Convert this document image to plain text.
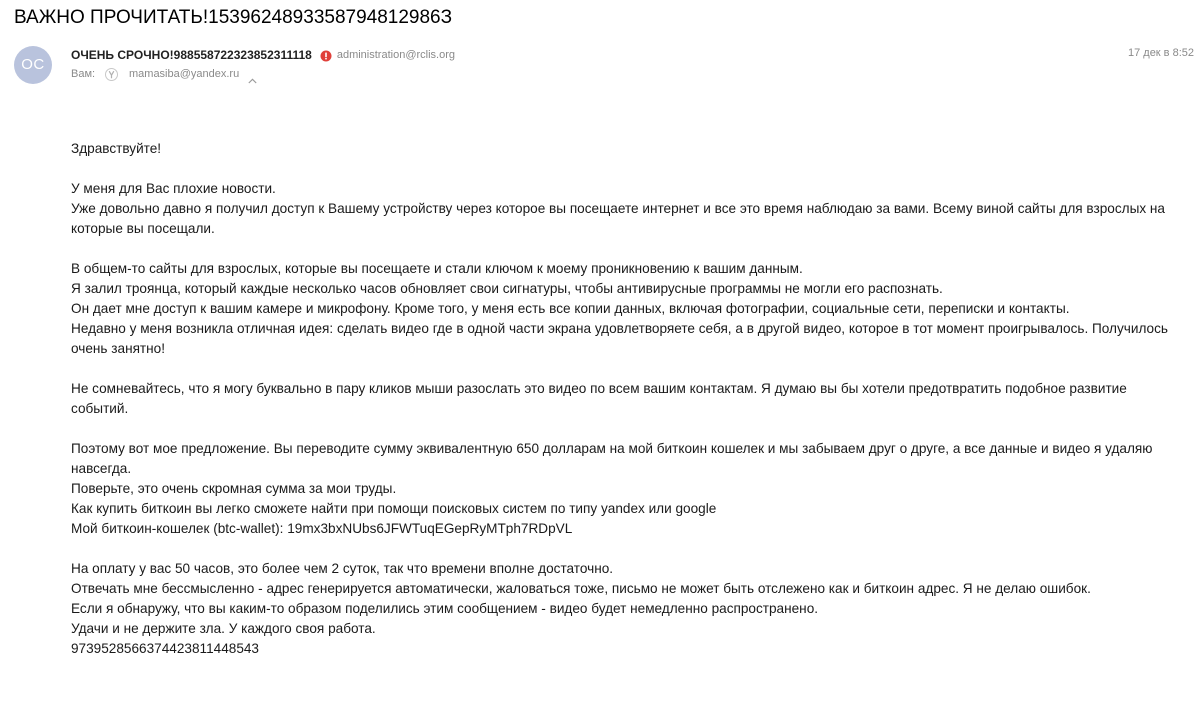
ВАЖНО ПРОЧИТАТЬ!1539624893358794812986З
OC
ОЧЕНЬ СРОЧНО!988558722323852311118 administration@rclis.org
Вам:	mamasiba@yandex.ru
17 дек в 8:52

Здравствуйте!

У меня для Вас плохие новости.

Уже довольно давно я получил доступ к Вашему устройству через которое вы посещаете интернет и все это время наблюдаю за вами. Всему виной сайты для взрослых на

которые вы посещали.

В общем-то сайты для взрослых, которые вы посещаете и стали ключом к моему проникновению к вашим данным.

Я залил троянца, который каждые несколько часов обновляет свои сигнатуры, чтобы антивирусные программы не могли его распознать.

Он дает мне доступ к вашим камере и микрофону. Кроме того, у меня есть все копии данных, включая фотографии, социальные сети, переписки и контакты.

Недавно у меня возникла отличная идея: сделать видео где в одной части экрана удовлетворяете себя, а в другой видео, которое в тот момент проигрывалось. Получилось

очень занятно!

Не сомневайтесь, что я могу буквально в пару кликов мыши разослать это видео по всем вашим контактам. Я думаю вы бы хотели предотвратить подобное развитие

событий.

Поэтому вот мое предложение. Вы переводите сумму эквивалентную 650 долларам на мой биткоин кошелек и мы забываем друг о друге, а все данные и видео я удаляю

навсегда.

Поверьте, это очень скромная сумма за мои труды.

Как купить биткоин вы легко сможете найти при помощи поисковых систем по типу yandex или google

Мой биткоин-кошелек (btc-wallet): 19mx3bxNUbs6JFWTuqEGepRyMTph7RDpVL

На оплату у вас 50 часов, это более чем 2 суток, так что времени вполне достаточно.

Отвечать мне бессмысленно - адрес генерируется автоматически, жаловаться тоже, письмо не может быть отслежено как и биткоин адрес. Я не делаю ошибок.

Если я обнаружу, что вы каким-то образом поделились этим сообщением - видео будет немедленно распространено.

Удачи и не держите зла. У каждого своя работа.

9739528566374423811448543
